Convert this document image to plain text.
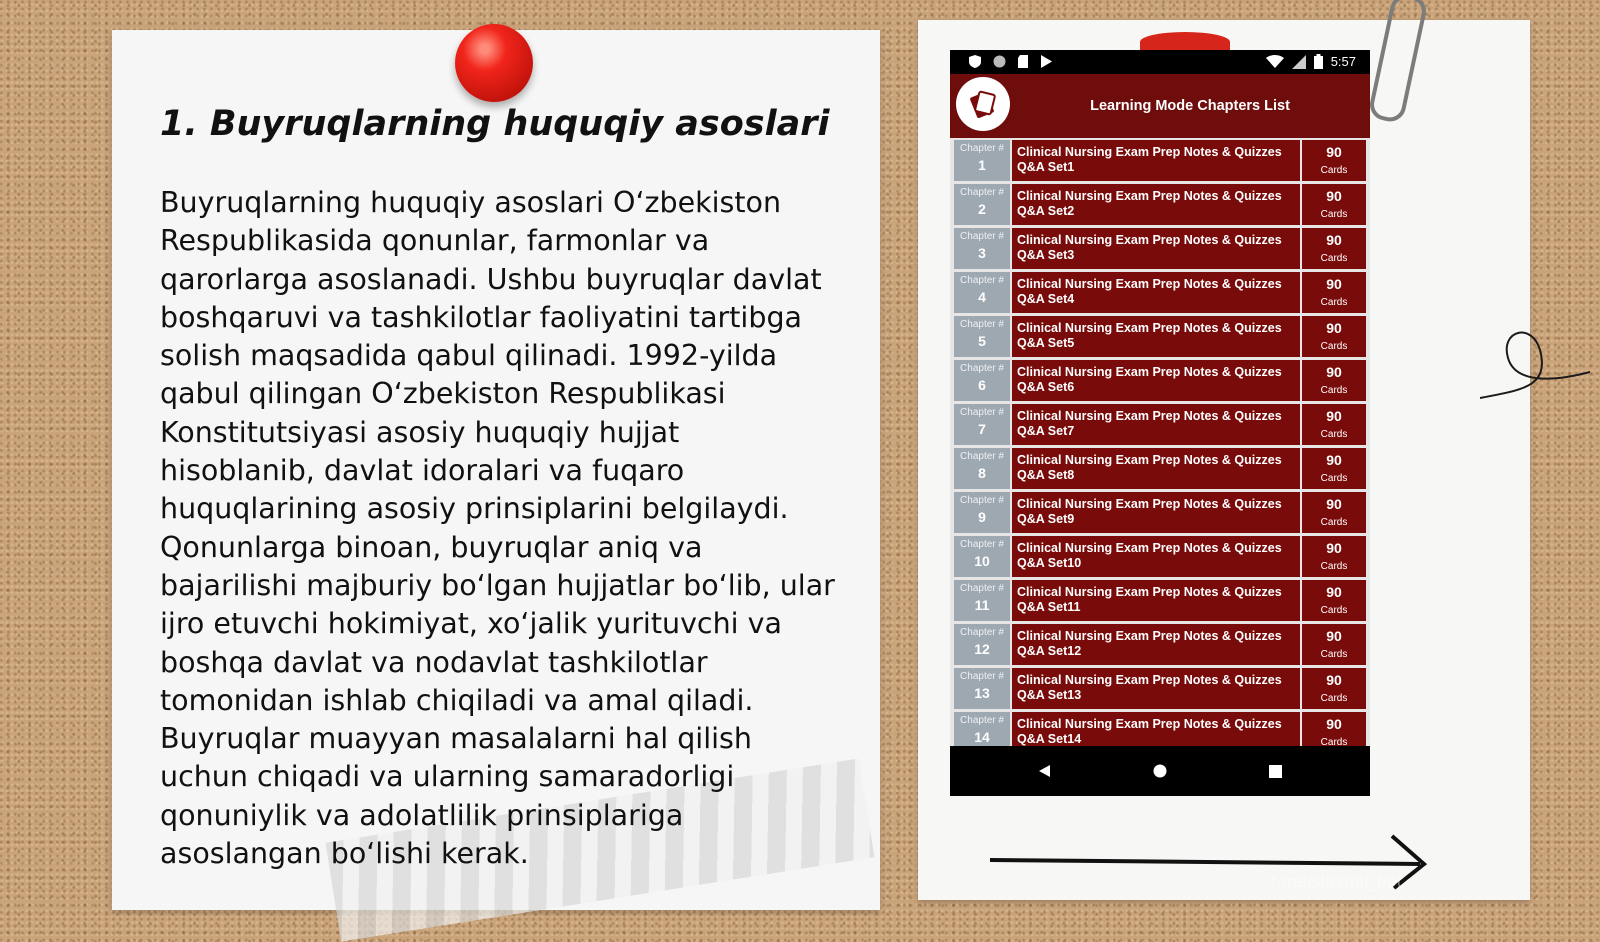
1. Buyruqlarning huquqiy asoslari

Buyruqlarning huquqiy asoslari O‘zbekiston Respublikasida qonunlar, farmonlar va qarorlarga asoslanadi. Ushbu buyruqlar davlat boshqaruvi va tashkilotlar faoliyatini tartibga solish maqsadida qabul qilinadi. 1992-yilda qabul qilingan O‘zbekiston Respublikasi Konstitutsiyasi asosiy huquqiy hujjat hisoblanib, davlat idoralari va fuqaro huquqlarining asosiy prinsiplarini belgilaydi. Qonunlarga binoan, buyruqlar aniq va bajarilishi majburiy bo‘lgan hujjatlar bo‘lib, ular ijro etuvchi hokimiyat, xo‘jalik yurituvchi va boshqa davlat va nodavlat tashkilotlar tomonidan ishlab chiqiladi va amal qiladi. Buyruqlar muayyan masalalarni hal qilish uchun chiqadi va ularning samaradorligi qonuniylik va adolatlilik prinsiplariga asoslangan bo‘lishi kerak.

t.me/slaydai_bot
5:57
Learning Mode Chapters List
Chapter #
1
Clinical Nursing Exam Prep Notes & Quizzes Q&A Set1
90
Cards
Chapter #
2
Clinical Nursing Exam Prep Notes & Quizzes Q&A Set2
90
Cards
Chapter #
3
Clinical Nursing Exam Prep Notes & Quizzes Q&A Set3
90
Cards
Chapter #
4
Clinical Nursing Exam Prep Notes & Quizzes Q&A Set4
90
Cards
Chapter #
5
Clinical Nursing Exam Prep Notes & Quizzes Q&A Set5
90
Cards
Chapter #
6
Clinical Nursing Exam Prep Notes & Quizzes Q&A Set6
90
Cards
Chapter #
7
Clinical Nursing Exam Prep Notes & Quizzes Q&A Set7
90
Cards
Chapter #
8
Clinical Nursing Exam Prep Notes & Quizzes Q&A Set8
90
Cards
Chapter #
9
Clinical Nursing Exam Prep Notes & Quizzes Q&A Set9
90
Cards
Chapter #
10
Clinical Nursing Exam Prep Notes & Quizzes Q&A Set10
90
Cards
Chapter #
11
Clinical Nursing Exam Prep Notes & Quizzes Q&A Set11
90
Cards
Chapter #
12
Clinical Nursing Exam Prep Notes & Quizzes Q&A Set12
90
Cards
Chapter #
13
Clinical Nursing Exam Prep Notes & Quizzes Q&A Set13
90
Cards
Chapter #
14
Clinical Nursing Exam Prep Notes & Quizzes Q&A Set14
90
Cards
